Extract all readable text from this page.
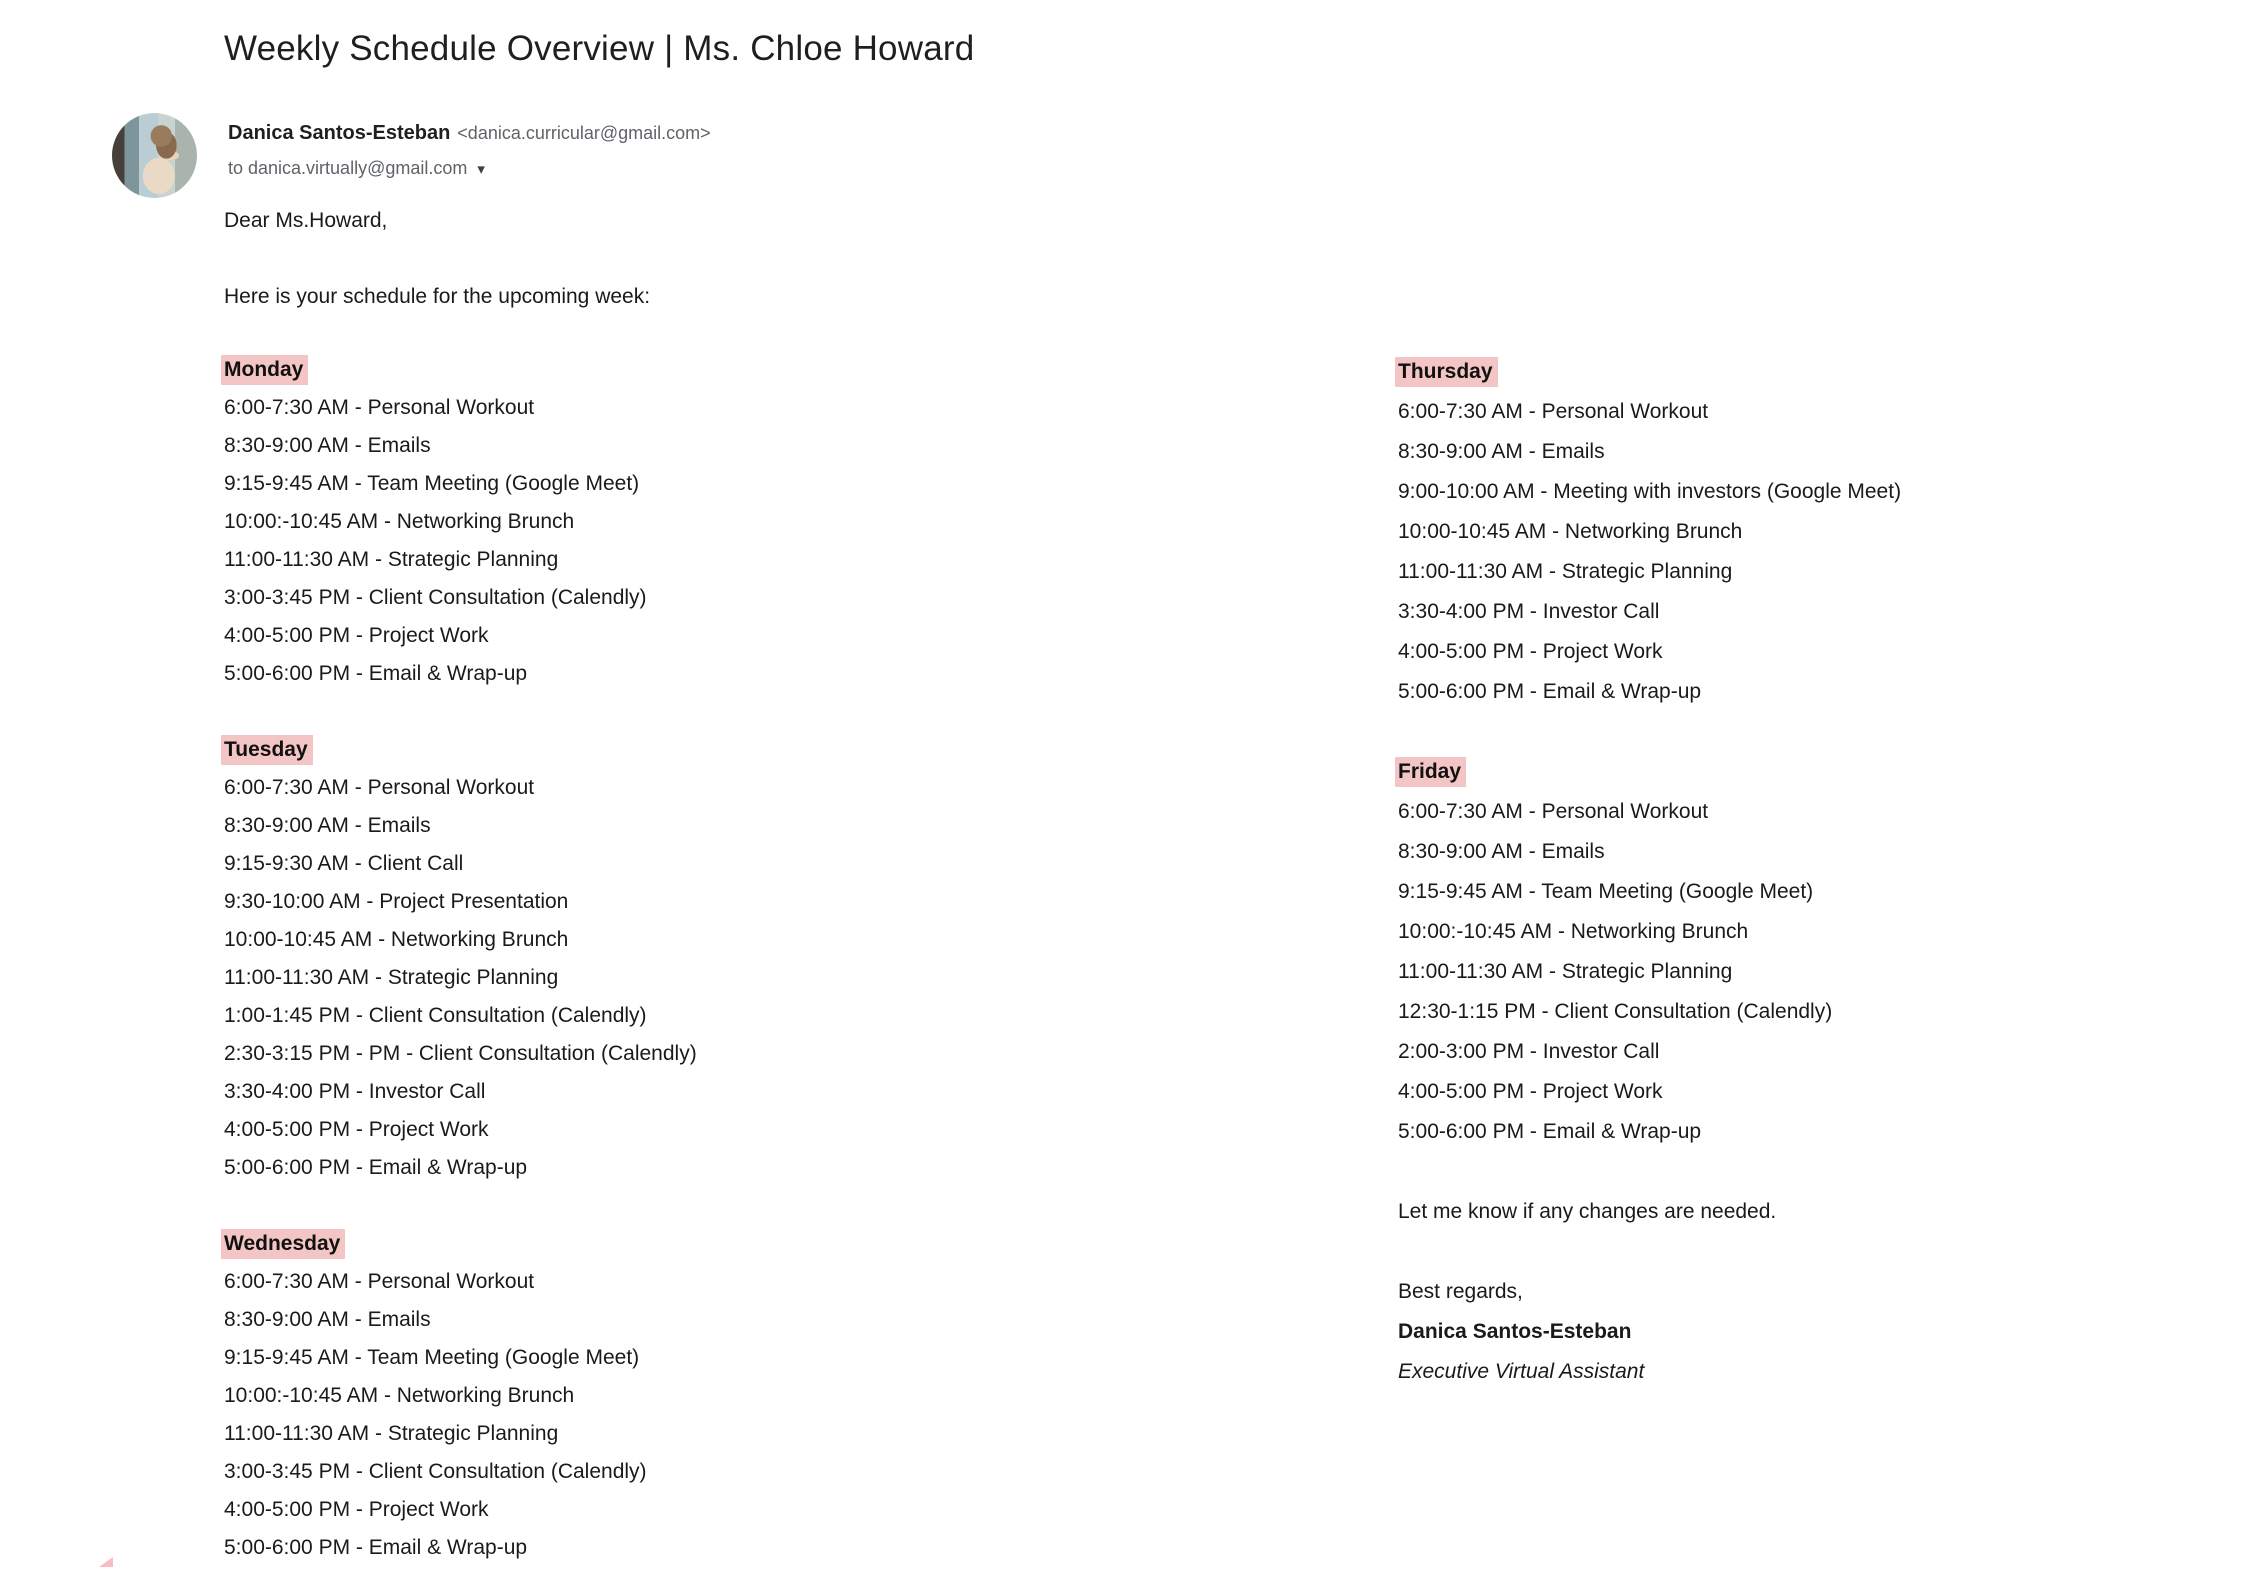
Weekly Schedule Overview | Ms. Chloe Howard
Danica Santos-Esteban <danica.curricular@gmail.com>
to danica.virtually@gmail.com ▾
Dear Ms.Howard,
Here is your schedule for the upcoming week:
Monday
6:00-7:30 AM - Personal Workout
8:30-9:00 AM - Emails
9:15-9:45 AM - Team Meeting (Google Meet)
10:00:-10:45 AM - Networking Brunch
11:00-11:30 AM - Strategic Planning
3:00-3:45 PM - Client Consultation (Calendly)
4:00-5:00 PM - Project Work
5:00-6:00 PM - Email & Wrap-up
Tuesday
6:00-7:30 AM - Personal Workout
8:30-9:00 AM - Emails
9:15-9:30 AM - Client Call
9:30-10:00 AM - Project Presentation
10:00-10:45 AM - Networking Brunch
11:00-11:30 AM - Strategic Planning
1:00-1:45 PM - Client Consultation (Calendly)
2:30-3:15 PM - PM - Client Consultation (Calendly)
3:30-4:00 PM - Investor Call
4:00-5:00 PM - Project Work
5:00-6:00 PM - Email & Wrap-up
Wednesday
6:00-7:30 AM - Personal Workout
8:30-9:00 AM - Emails
9:15-9:45 AM - Team Meeting (Google Meet)
10:00:-10:45 AM - Networking Brunch
11:00-11:30 AM - Strategic Planning
3:00-3:45 PM - Client Consultation (Calendly)
4:00-5:00 PM - Project Work
5:00-6:00 PM - Email & Wrap-up
Thursday
6:00-7:30 AM - Personal Workout
8:30-9:00 AM - Emails
9:00-10:00 AM - Meeting with investors (Google Meet)
10:00-10:45 AM - Networking Brunch
11:00-11:30 AM - Strategic Planning
3:30-4:00 PM - Investor Call
4:00-5:00 PM - Project Work
5:00-6:00 PM - Email & Wrap-up
Friday
6:00-7:30 AM - Personal Workout
8:30-9:00 AM - Emails
9:15-9:45 AM - Team Meeting (Google Meet)
10:00:-10:45 AM - Networking Brunch
11:00-11:30 AM - Strategic Planning
12:30-1:15 PM - Client Consultation (Calendly)
2:00-3:00 PM - Investor Call
4:00-5:00 PM - Project Work
5:00-6:00 PM - Email & Wrap-up
Let me know if any changes are needed.
Best regards,
Danica Santos-Esteban
Executive Virtual Assistant
